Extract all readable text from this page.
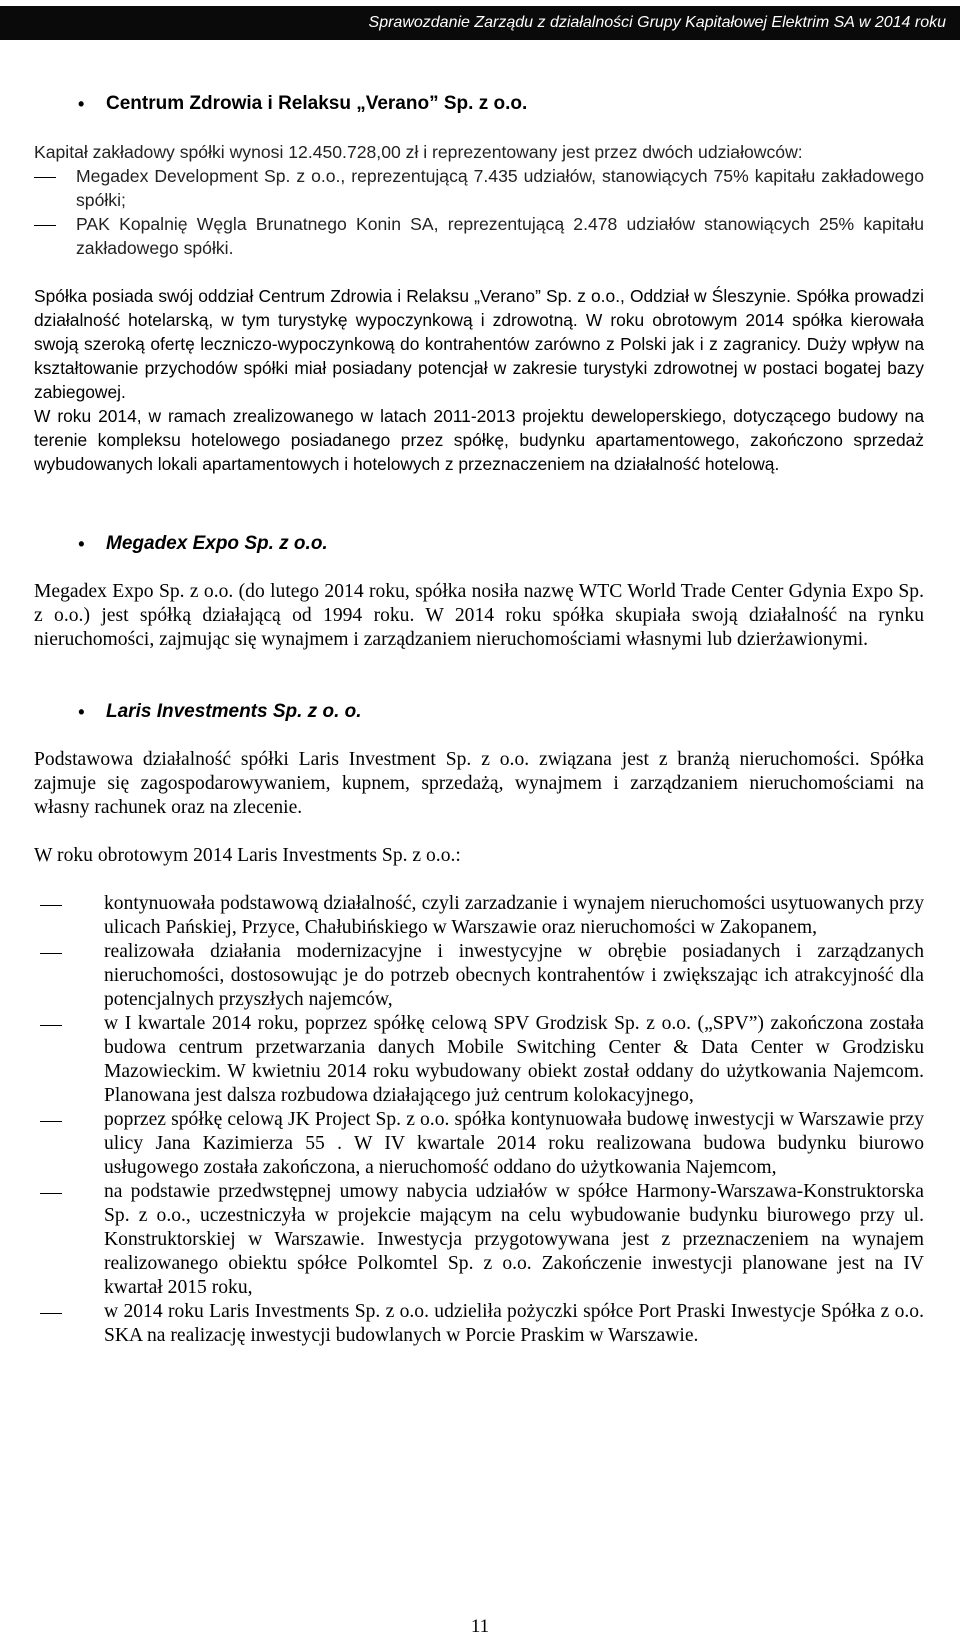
Sprawozdanie Zarządu z działalności Grupy Kapitałowej Elektrim SA w 2014 roku
• Centrum Zdrowia i Relaksu „Verano” Sp. z o.o.

Kapitał zakładowy spółki wynosi 12.450.728,00 zł i reprezentowany jest przez dwóch udziałowców:

Megadex Development Sp. z o.o., reprezentującą 7.435 udziałów, stanowiących 75% kapitału zakładowego spółki;

PAK Kopalnię Węgla Brunatnego Konin SA, reprezentującą 2.478 udziałów stanowiących 25% kapitału zakładowego spółki.

Spółka posiada swój oddział Centrum Zdrowia i Relaksu „Verano” Sp. z o.o., Oddział w Śleszynie. Spółka prowadzi działalność hotelarską, w tym turystykę wypoczynkową i zdrowotną. W roku obrotowym 2014 spółka kierowała swoją szeroką ofertę leczniczo-wypoczynkową do kontrahentów zarówno z Polski jak i z zagranicy. Duży wpływ na kształtowanie przychodów spółki miał posiadany potencjał w zakresie turystyki zdrowotnej w postaci bogatej bazy zabiegowej.

W roku 2014, w ramach zrealizowanego w latach 2011-2013 projektu deweloperskiego, dotyczącego budowy na terenie kompleksu hotelowego posiadanego przez spółkę, budynku apartamentowego, zakończono sprzedaż wybudowanych lokali apartamentowych i hotelowych z przeznaczeniem na działalność hotelową.

• Megadex Expo Sp. z o.o.

Megadex Expo Sp. z o.o. (do lutego 2014 roku, spółka nosiła nazwę WTC World Trade Center Gdynia Expo Sp. z o.o.) jest spółką działającą od 1994 roku. W 2014 roku spółka skupiała swoją działalność na rynku nieruchomości, zajmując się wynajmem i zarządzaniem nieruchomościami własnymi lub dzierżawionymi.

• Laris Investments Sp. z o. o.

Podstawowa działalność spółki Laris Investment Sp. z o.o. związana jest z branżą nieruchomości. Spółka zajmuje się zagospodarowywaniem, kupnem, sprzedażą, wynajmem i zarządzaniem nieruchomościami na własny rachunek oraz na zlecenie.

W roku obrotowym 2014 Laris Investments Sp. z o.o.:

kontynuowała podstawową działalność, czyli zarzadzanie i wynajem nieruchomości usytuowanych przy ulicach Pańskiej, Przyce, Chałubińskiego w Warszawie oraz nieruchomości w Zakopanem,

realizowała działania modernizacyjne i inwestycyjne w obrębie posiadanych i zarządzanych nieruchomości, dostosowując je do potrzeb obecnych kontrahentów i zwiększając ich atrakcyjność dla potencjalnych przyszłych najemców,

w I kwartale 2014 roku, poprzez spółkę celową SPV Grodzisk Sp. z o.o. („SPV”) zakończona została budowa centrum przetwarzania danych Mobile Switching Center & Data Center w Grodzisku Mazowieckim. W kwietniu 2014 roku wybudowany obiekt został oddany do użytkowania Najemcom. Planowana jest dalsza rozbudowa działającego już centrum kolokacyjnego,

poprzez spółkę celową JK Project Sp. z o.o. spółka kontynuowała budowę inwestycji w Warszawie przy ulicy Jana Kazimierza 55 . W IV kwartale 2014 roku realizowana budowa budynku biurowo usługowego została zakończona, a nieruchomość oddano do użytkowania Najemcom,

na podstawie przedwstępnej umowy nabycia udziałów w spółce Harmony-Warszawa-Konstruktorska Sp. z o.o., uczestniczyła w projekcie mającym na celu wybudowanie budynku biurowego przy ul. Konstruktorskiej w Warszawie. Inwestycja przygotowywana jest z przeznaczeniem na wynajem realizowanego obiektu spółce Polkomtel Sp. z o.o. Zakończenie inwestycji planowane jest na IV kwartał 2015 roku,

w 2014 roku Laris Investments Sp. z o.o. udzieliła pożyczki spółce Port Praski Inwestycje Spółka z o.o. SKA na realizację inwestycji budowlanych w Porcie Praskim w Warszawie.

11
